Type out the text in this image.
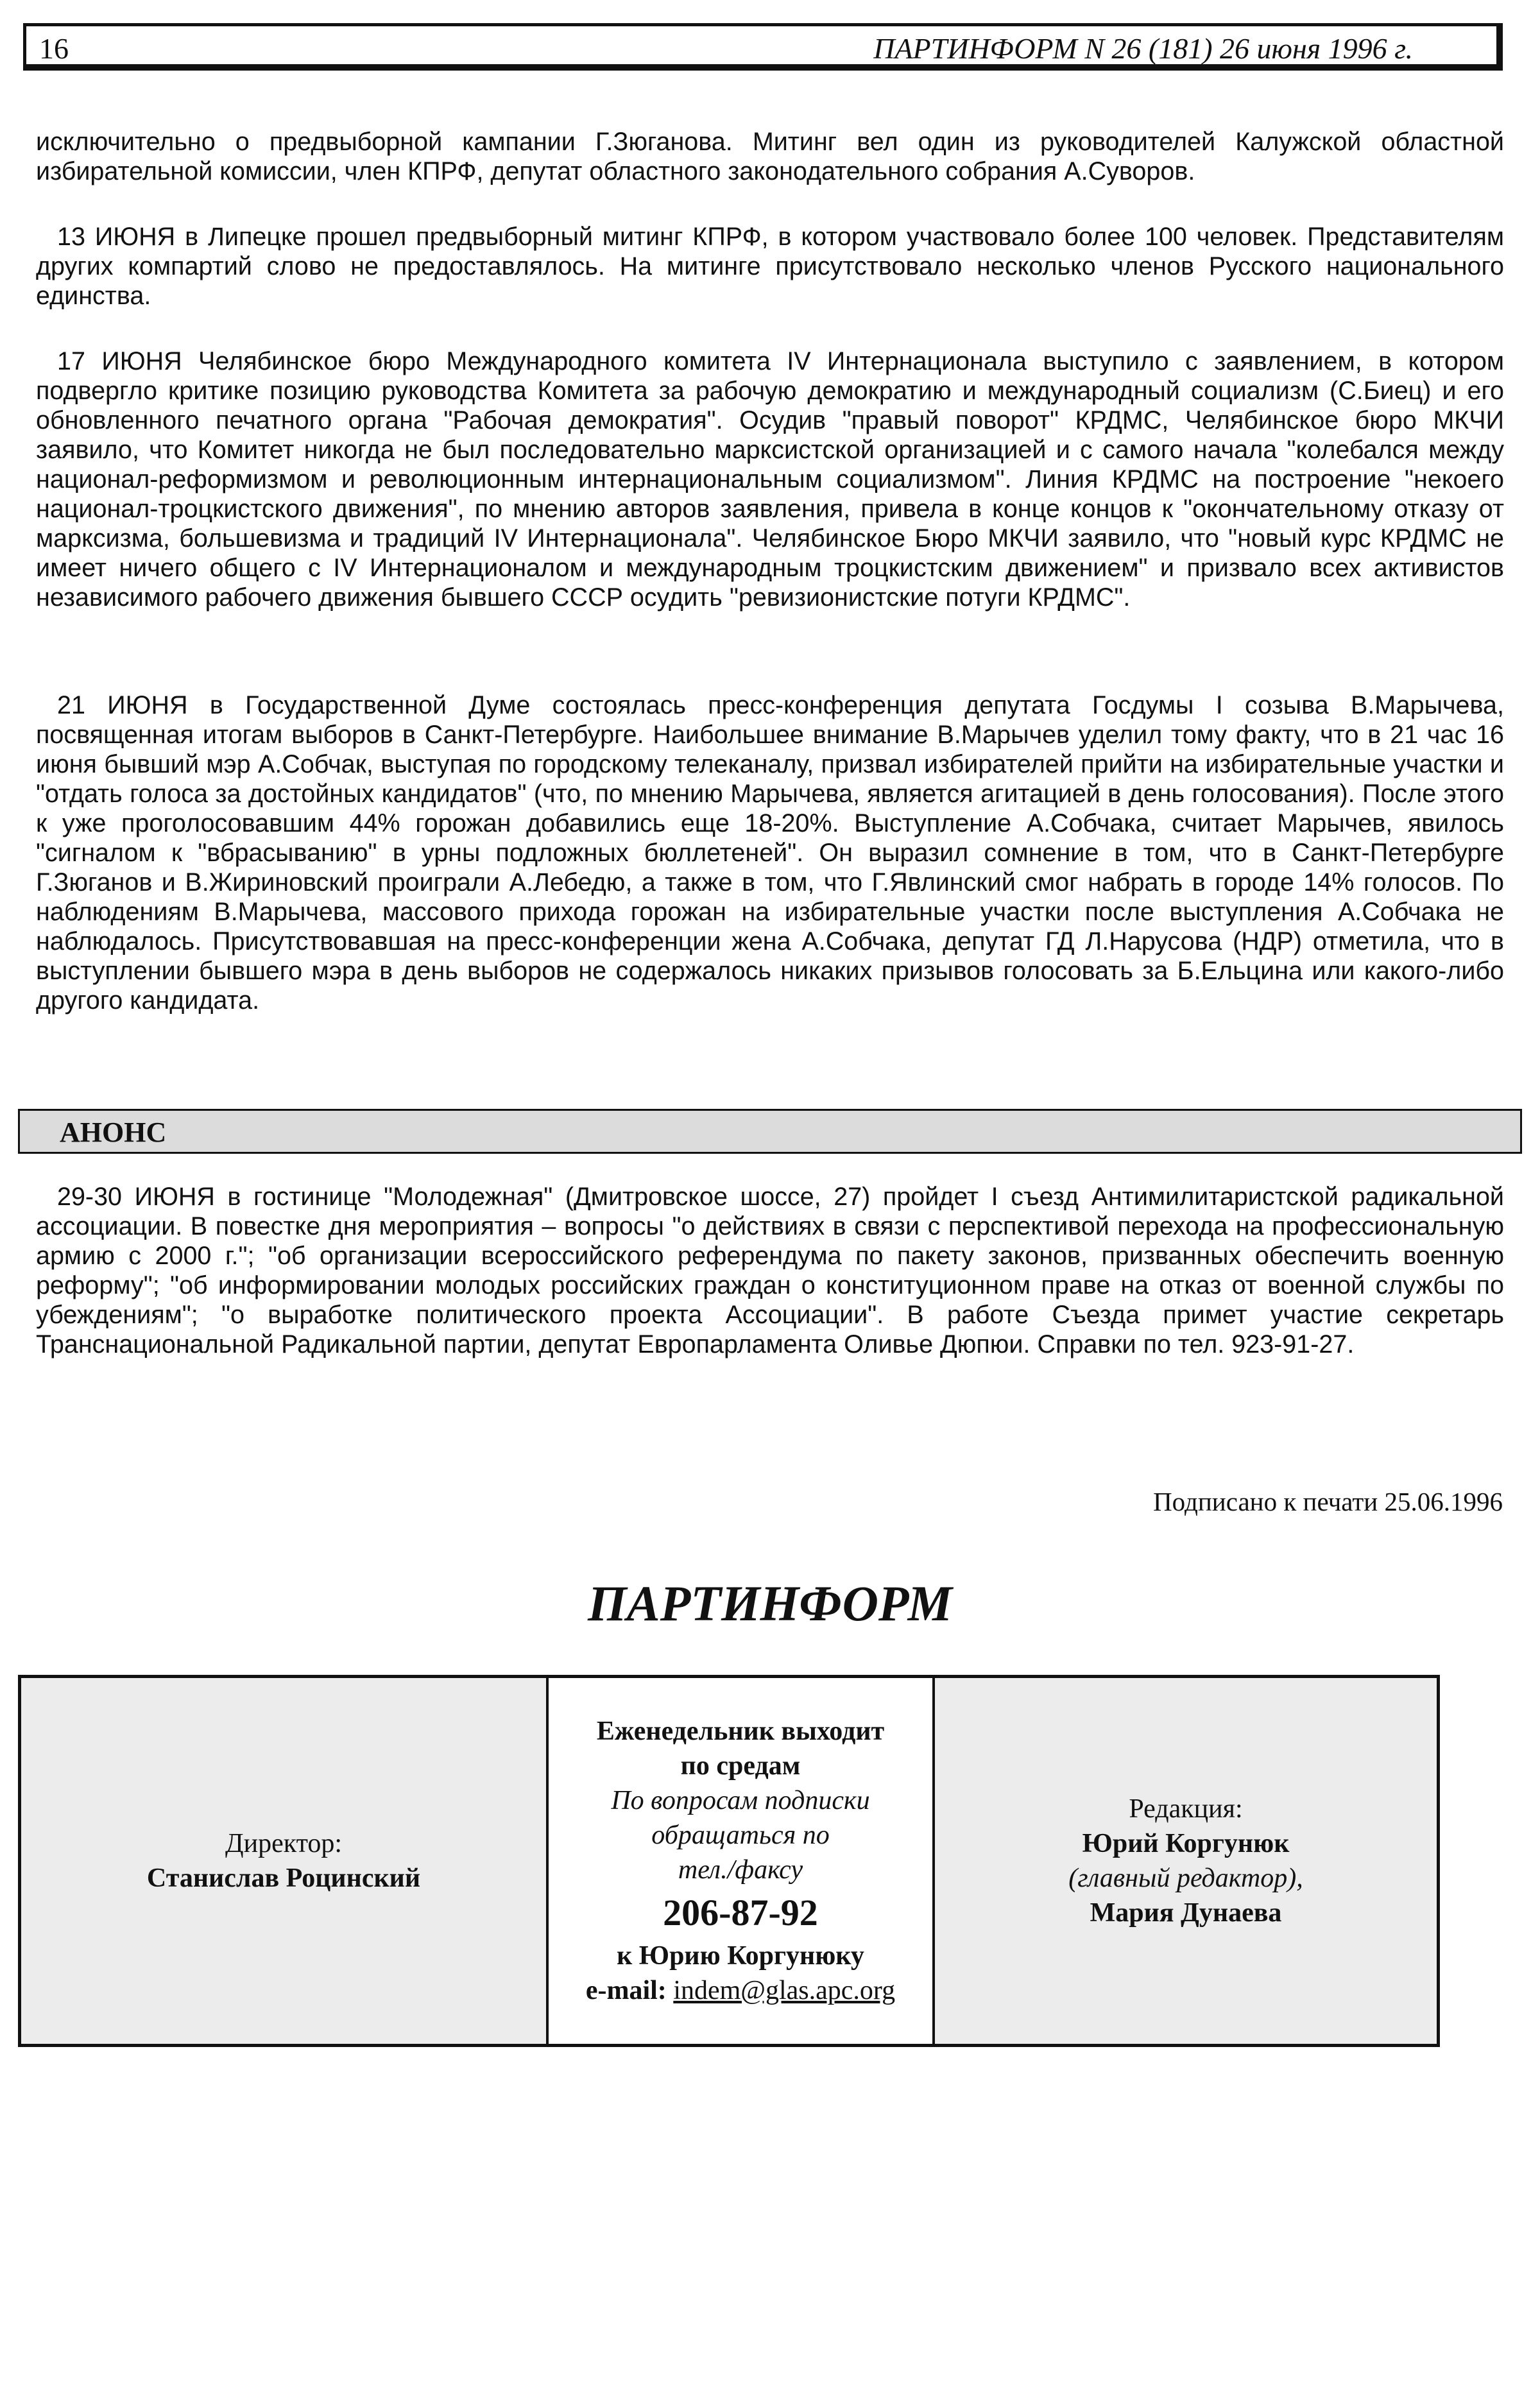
16	ПАРТИНФОРМ N 26 (181) 26 июня 1996 г.

исключительно о предвыборной кампании Г.Зюганова. Митинг вел один из руководителей Калужской областной избирательной комиссии, член КПРФ, депутат областного законодательного собрания А.Суворов.

13 ИЮНЯ в Липецке прошел предвыборный митинг КПРФ, в котором участвовало более 100 человек. Представителям других компартий слово не предоставлялось. На митинге присутствовало несколько членов Русского национального единства.

17 ИЮНЯ Челябинское бюро Международного комитета IV Интернационала выступило с заявлением, в котором подвергло критике позицию руководства Комитета за рабочую демократию и международный социализм (С.Биец) и его обновленного печатного органа "Рабочая демократия". Осудив "правый поворот" КРДМС, Челябинское бюро МКЧИ заявило, что Комитет никогда не был последовательно марксистской организацией и с самого начала "колебался между национал-реформизмом и революционным интернациональным социализмом". Линия КРДМС на построение "некоего национал-троцкистского движения", по мнению авторов заявления, привела в конце концов к "окончательному отказу от марксизма, большевизма и традиций IV Интернационала". Челябинское Бюро МКЧИ заявило, что "новый курс КРДМС не имеет ничего общего с IV Интернационалом и международным троцкистским движением" и призвало всех активистов независимого рабочего движения бывшего СССР осудить "ревизионистские потуги КРДМС".

21 ИЮНЯ в Государственной Думе состоялась пресс-конференция депутата Госдумы I созыва В.Марычева, посвященная итогам выборов в Санкт-Петербурге. Наибольшее внимание В.Марычев уделил тому факту, что в 21 час 16 июня бывший мэр А.Собчак, выступая по городскому телеканалу, призвал избирателей прийти на избирательные участки и "отдать голоса за достойных кандидатов" (что, по мнению Марычева, является агитацией в день голосования). После этого к уже проголосовавшим 44% горожан добавились еще 18-20%. Выступление А.Собчака, считает Марычев, явилось "сигналом к "вбрасыванию" в урны подложных бюллетеней". Он выразил сомнение в том, что в Санкт-Петербурге Г.Зюганов и В.Жириновский проиграли А.Лебедю, а также в том, что Г.Явлинский смог набрать в городе 14% голосов. По наблюдениям В.Марычева, массового прихода горожан на избирательные участки после выступления А.Собчака не наблюдалось. Присутствовавшая на пресс-конференции жена А.Собчака, депутат ГД Л.Нарусова (НДР) отметила, что в выступлении бывшего мэра в день выборов не содержалось никаких призывов голосовать за Б.Ельцина или какого-либо другого кандидата.

АНОНС

29-30 ИЮНЯ в гостинице "Молодежная" (Дмитровское шоссе, 27) пройдет I съезд Антимилитаристской радикальной ассоциации. В повестке дня мероприятия – вопросы "о действиях в связи с перспективой перехода на профессиональную армию с 2000 г."; "об организации всероссийского референдума по пакету законов, призванных обеспечить военную реформу"; "об информировании молодых российских граждан о конституционном праве на отказ от военной службы по убеждениям"; "о выработке политического проекта Ассоциации". В работе Съезда примет участие секретарь Транснациональной Радикальной партии, депутат Европарламента Оливье Дюпюи. Справки по тел. 923-91-27.

Подписано к печати 25.06.1996
ПАРТИНФОРМ
Директор:
Станислав Роцинский
Еженедельник выходит
по средам
По вопросам подписки
обращаться по
тел./факсу
206-87-92
к Юрию Коргунюку
e-mail: indem@glas.apc.org
Редакция:
Юрий Коргунюк
(главный редактор),
Мария Дунаева
